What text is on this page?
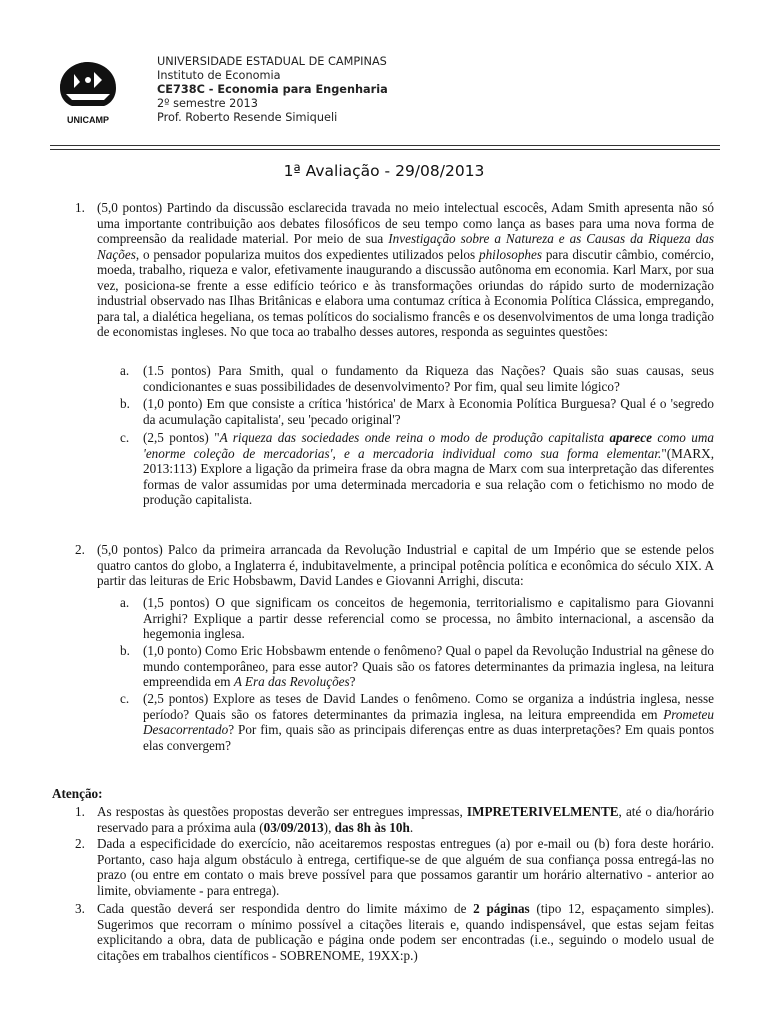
UNICAMP
UNIVERSIDADE ESTADUAL DE CAMPINAS
Instituto de Economia
CE738C - Economia para Engenharia
2º semestre 2013
Prof. Roberto Resende Simiqueli
1ª Avaliação - 29/08/2013
1. (5,0 pontos) Partindo da discussão esclarecida travada no meio intelectual escocês, Adam Smith apresenta não só uma importante contribuição aos debates filosóficos de seu tempo como lança as bases para uma nova forma de compreensão da realidade material. Por meio de sua Investigação sobre a Natureza e as Causas da Riqueza das Nações, o pensador populariza muitos dos expedientes utilizados pelos philosophes para discutir câmbio, comércio, moeda, trabalho, riqueza e valor, efetivamente inaugurando a discussão autônoma em economia. Karl Marx, por sua vez, posiciona-se frente a esse edifício teórico e às transformações oriundas do rápido surto de modernização industrial observado nas Ilhas Britânicas e elabora uma contumaz crítica à Economia Política Clássica, empregando, para tal, a dialética hegeliana, os temas políticos do socialismo francês e os desenvolvimentos de uma longa tradição de economistas ingleses. No que toca ao trabalho desses autores, responda as seguintes questões:
a. (1.5 pontos) Para Smith, qual o fundamento da Riqueza das Nações? Quais são suas causas, seus condicionantes e suas possibilidades de desenvolvimento? Por fim, qual seu limite lógico?
b. (1,0 ponto) Em que consiste a crítica 'histórica' de Marx à Economia Política Burguesa? Qual é o 'segredo da acumulação capitalista', seu 'pecado original'?
c. (2,5 pontos) "A riqueza das sociedades onde reina o modo de produção capitalista aparece como uma 'enorme coleção de mercadorias', e a mercadoria individual como sua forma elementar."(MARX, 2013:113) Explore a ligação da primeira frase da obra magna de Marx com sua interpretação das diferentes formas de valor assumidas por uma determinada mercadoria e sua relação com o fetichismo no modo de produção capitalista.
2. (5,0 pontos) Palco da primeira arrancada da Revolução Industrial e capital de um Império que se estende pelos quatro cantos do globo, a Inglaterra é, indubitavelmente, a principal potência política e econômica do século XIX. A partir das leituras de Eric Hobsbawm, David Landes e Giovanni Arrighi, discuta:
a. (1,5 pontos) O que significam os conceitos de hegemonia, territorialismo e capitalismo para Giovanni Arrighi? Explique a partir desse referencial como se processa, no âmbito internacional, a ascensão da hegemonia inglesa.
b. (1,0 ponto) Como Eric Hobsbawm entende o fenômeno? Qual o papel da Revolução Industrial na gênese do mundo contemporâneo, para esse autor? Quais são os fatores determinantes da primazia inglesa, na leitura empreendida em A Era das Revoluções?
c. (2,5 pontos) Explore as teses de David Landes o fenômeno. Como se organiza a indústria inglesa, nesse período? Quais são os fatores determinantes da primazia inglesa, na leitura empreendida em Prometeu Desacorrentado? Por fim, quais são as principais diferenças entre as duas interpretações? Em quais pontos elas convergem?
Atenção:
1. As respostas às questões propostas deverão ser entregues impressas, IMPRETERIVELMENTE, até o dia/horário reservado para a próxima aula (03/09/2013), das 8h às 10h.
2. Dada a especificidade do exercício, não aceitaremos respostas entregues (a) por e-mail ou (b) fora deste horário. Portanto, caso haja algum obstáculo à entrega, certifique-se de que alguém de sua confiança possa entregá-las no prazo (ou entre em contato o mais breve possível para que possamos garantir um horário alternativo - anterior ao limite, obviamente - para entrega).
3. Cada questão deverá ser respondida dentro do limite máximo de 2 páginas (tipo 12, espaçamento simples). Sugerimos que recorram o mínimo possível a citações literais e, quando indispensável, que estas sejam feitas explicitando a obra, data de publicação e página onde podem ser encontradas (i.e., seguindo o modelo usual de citações em trabalhos científicos - SOBRENOME, 19XX:p.)
